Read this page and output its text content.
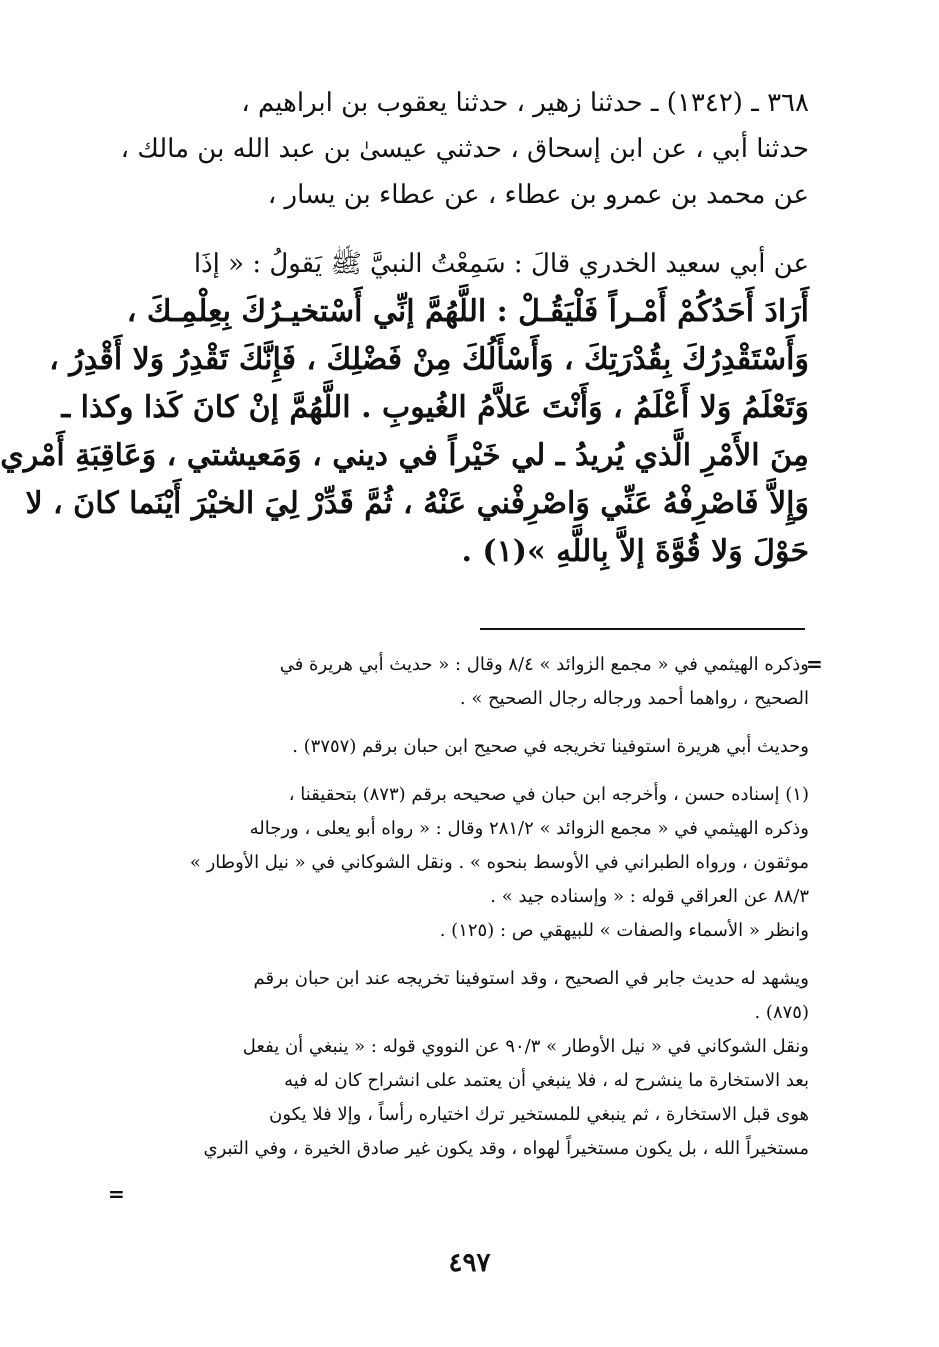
٣٦٨ ـ (١٣٤٢) ـ حدثنا زهير ، حدثنا يعقوب بن ابراهيم ،
حدثنا أبي ، عن ابن إسحاق ، حدثني عيسىٰ بن عبد الله بن مالك ،
عن محمد بن عمرو بن عطاء ، عن عطاء بن يسار ،
عن أبي سعيد الخدري قالَ : سَمِعْتُ النبيَّ ﷺ يَقولُ : « إذَا
أَرَادَ أَحَدُكُمْ أَمْـراً فَلْيَقُـلْ : اللَّهُمَّ إنِّي أَسْتخيـرُكَ بِعِلْمِـكَ ،
وَأَسْتَقْدِرُكَ بِقُدْرَتِكَ ، وَأَسْأَلُكَ مِنْ فَضْلِكَ ، فَإِنَّكَ تَقْدِرُ وَلا أَقْدِرُ ،
وَتَعْلَمُ وَلا أَعْلَمُ ، وَأَنْتَ عَلاَّمُ الغُيوبِ . اللَّهُمَّ إنْ كانَ كَذا وكذا ـ
مِنَ الأَمْرِ الَّذي يُريدُ ـ لي خَيْراً في ديني ، وَمَعيشتي ، وَعَاقِبَةِ أَمْري
وَإِلاَّ فَاصْرِفْهُ عَنِّي وَاصْرِفْني عَنْهُ ، ثُمَّ قَدِّرْ لِيَ الخيْرَ أَيْنَما كانَ ، لا
حَوْلَ وَلا قُوَّةَ إلاَّ بِاللَّهِ »(١) .
=
وذكره الهيثمي في « مجمع الزوائد » ٨/٤ وقال : « حديث أبي هريرة في
الصحيح ، رواهما أحمد ورجاله رجال الصحيح » .
وحديث أبي هريرة استوفينا تخريجه في صحيح ابن حبان برقم (٣٧٥٧) .
(١) إسناده حسن ، وأخرجه ابن حبان في صحيحه برقم (٨٧٣) بتحقيقنا ،
وذكره الهيثمي في « مجمع الزوائد » ٢٨١/٢ وقال : « رواه أبو يعلى ، ورجاله
موثقون ، ورواه الطبراني في الأوسط بنحوه » . ونقل الشوكاني في « نيل الأوطار »
٨٨/٣ عن العراقي قوله : « وإسناده جيد » .
وانظر « الأسماء والصفات » للبيهقي ص : (١٢٥) .
ويشهد له حديث جابر في الصحيح ، وقد استوفينا تخريجه عند ابن حبان برقم
(٨٧٥) .
ونقل الشوكاني في « نيل الأوطار » ٩٠/٣ عن النووي قوله : « ينبغي أن يفعل
بعد الاستخارة ما ينشرح له ، فلا ينبغي أن يعتمد على انشراح كان له فيه
هوى قبل الاستخارة ، ثم ينبغي للمستخير ترك اختياره رأساً ، وإلا فلا يكون
مستخيراً الله ، بل يكون مستخيراً لهواه ، وقد يكون غير صادق الخيرة ، وفي التبري
=
٤٩٧
